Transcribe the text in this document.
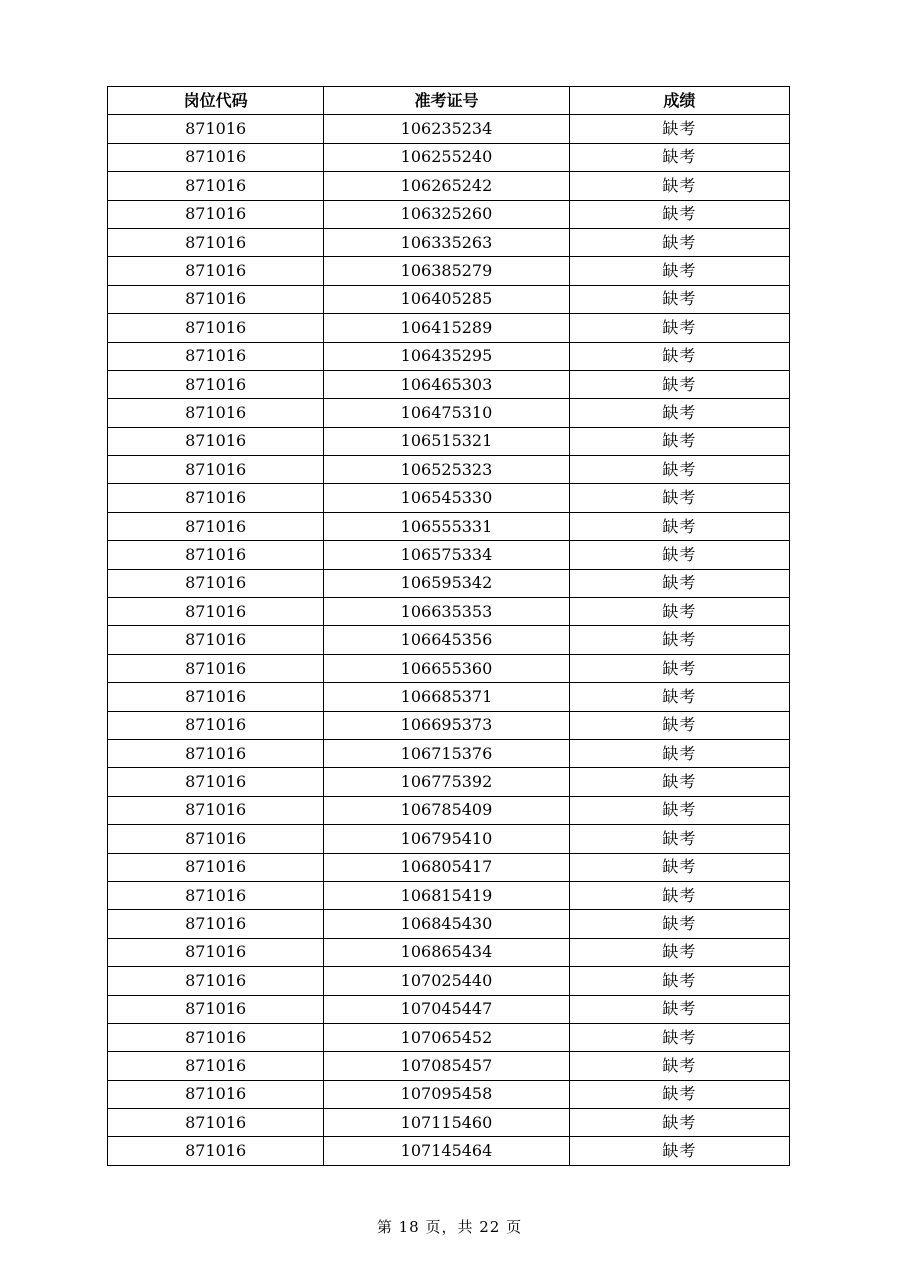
岗位代码	准考证号	成绩
871016	106235234	缺考
871016	106255240	缺考
871016	106265242	缺考
871016	106325260	缺考
871016	106335263	缺考
871016	106385279	缺考
871016	106405285	缺考
871016	106415289	缺考
871016	106435295	缺考
871016	106465303	缺考
871016	106475310	缺考
871016	106515321	缺考
871016	106525323	缺考
871016	106545330	缺考
871016	106555331	缺考
871016	106575334	缺考
871016	106595342	缺考
871016	106635353	缺考
871016	106645356	缺考
871016	106655360	缺考
871016	106685371	缺考
871016	106695373	缺考
871016	106715376	缺考
871016	106775392	缺考
871016	106785409	缺考
871016	106795410	缺考
871016	106805417	缺考
871016	106815419	缺考
871016	106845430	缺考
871016	106865434	缺考
871016	107025440	缺考
871016	107045447	缺考
871016	107065452	缺考
871016	107085457	缺考
871016	107095458	缺考
871016	107115460	缺考
871016	107145464	缺考
第 18 页，共 22 页
